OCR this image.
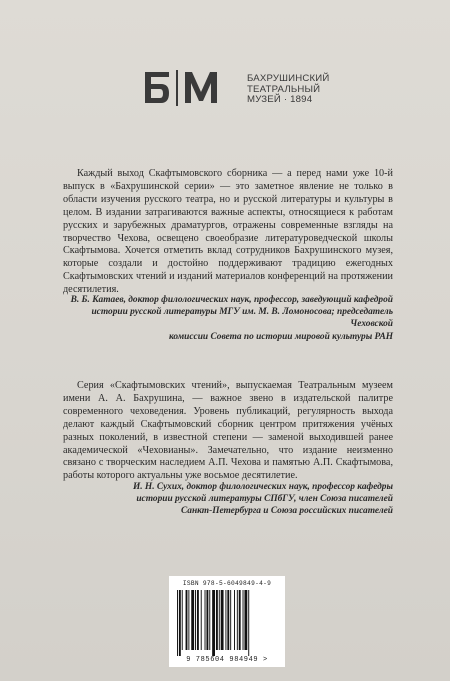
БАХРУШИНСКИЙ
ТЕАТРАЛЬНЫЙ
МУЗЕЙ · 1894

Каждый выход Скафтымовского сборника — а перед нами уже 10-й выпуск в «Бахрушинской серии» — это заметное явление не только в области изучения русского театра, но и русской литературы и культуры в целом. В издании затрагиваются важные аспекты, относящиеся к работам русских и зарубежных драматургов, отражены современные взгляды на творчество Чехова, освещено своеобразие литературоведческой школы Скафтымова. Хочется отметить вклад сотрудников Бахрушинского музея, которые создали и достойно поддерживают традицию ежегодных Скафтымовских чтений и изданий материалов конференций на протяжении десятилетия.

В. Б. Катаев, доктор филологических наук, профессор, заведующий кафедрой

истории русской литературы МГУ им. М. В. Ломоносова; председатель Чеховской

комиссии Совета по истории мировой культуры РАН

Серия «Скафтымовских чтений», выпускаемая Театральным музеем имени А. А. Бахрушина, — важное звено в издательской палитре современного чеховедения. Уровень публикаций, регулярность выхода делают каждый Скафтымовский сборник центром притяжения учёных разных поколений, в известной степени — заменой выходившей ранее академической «Чеховианы». Замечательно, что издание неизменно связано с творческим наследием А.П. Чехова и памятью А.П. Скафтымова, работы которого актуальны уже восьмое десятилетие.

И. Н. Сухих, доктор филологических наук, профессор кафедры

истории русской литературы СПбГУ, член Союза писателей

Санкт-Петербурга и Союза российских писателей

ISBN 978-5-6049849-4-9
9 785604 984949 >
